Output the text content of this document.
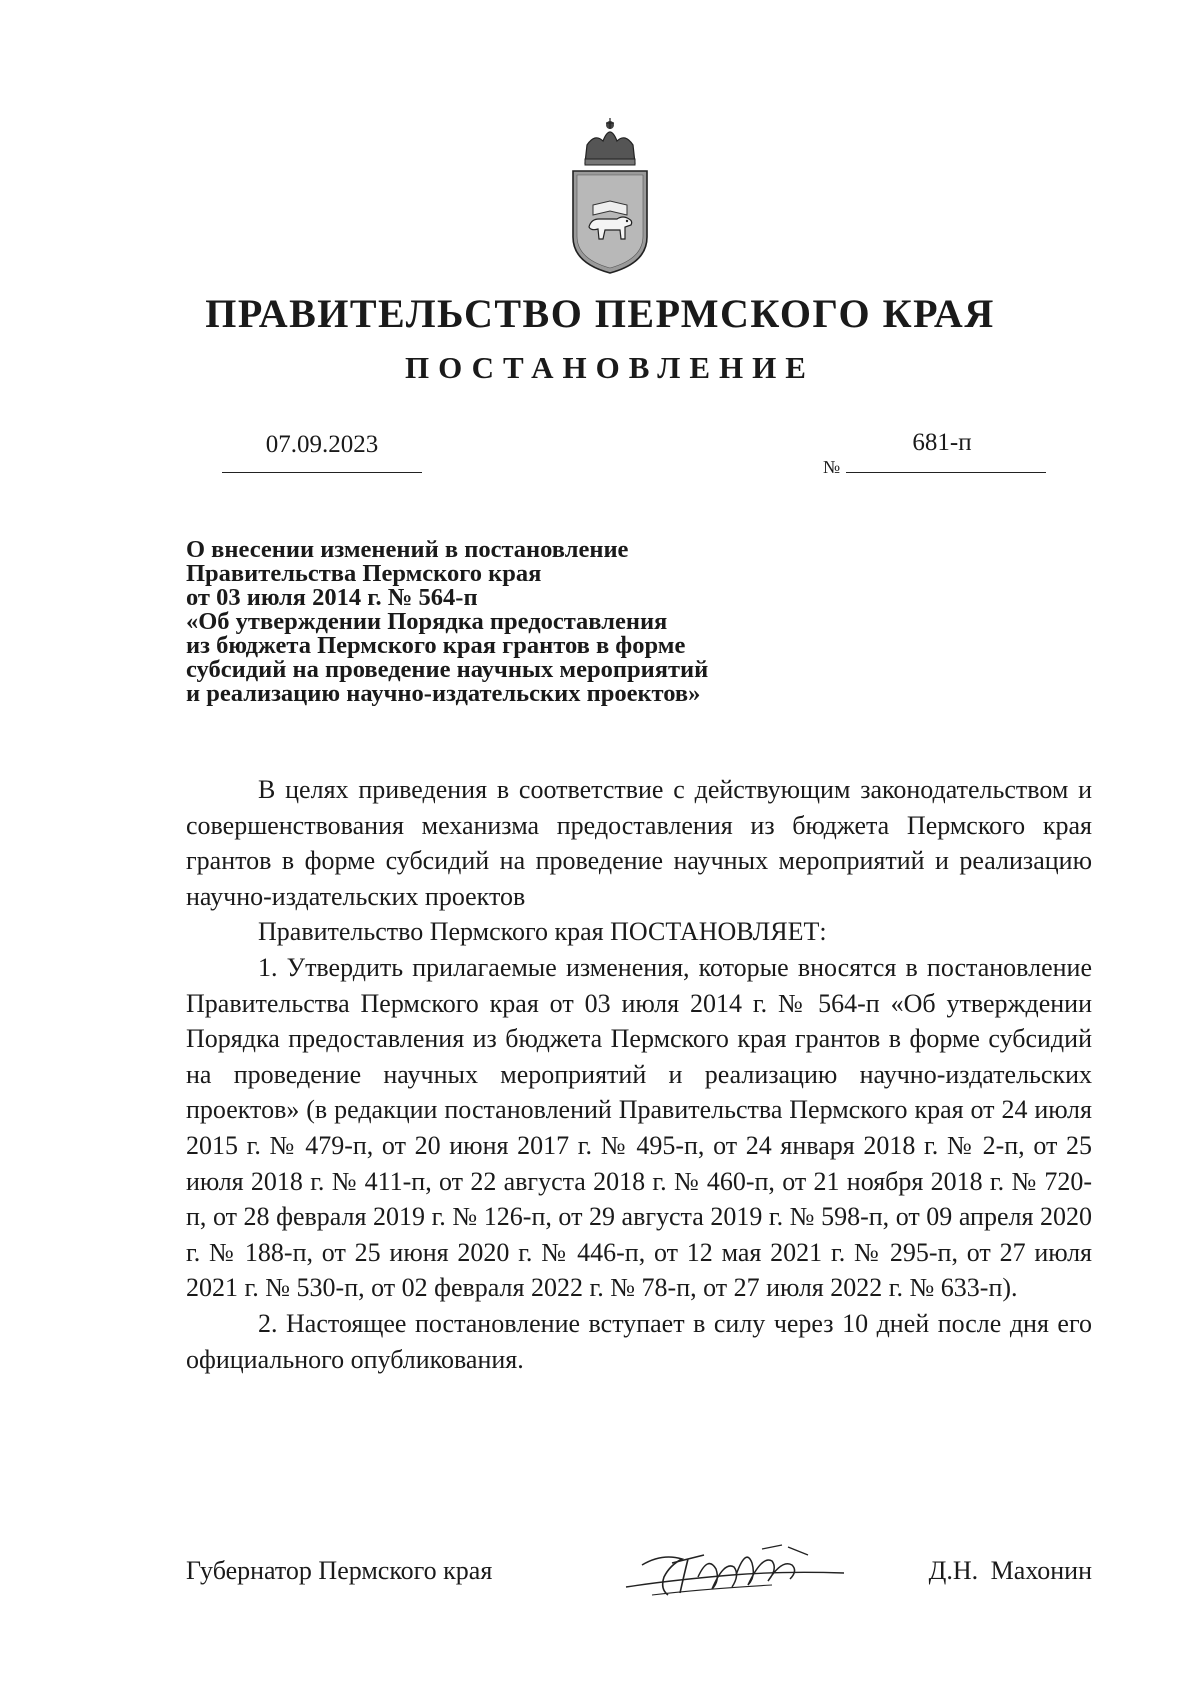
ПРАВИТЕЛЬСТВО ПЕРМСКОГО КРАЯ
ПОСТАНОВЛЕНИЕ
07.09.2023
№
681-п
О внесении изменений в постановление
Правительства Пермского края
от 03 июля 2014 г. № 564-п
«Об утверждении Порядка предоставления
из бюджета Пермского края грантов в форме
субсидий на проведение научных мероприятий
и реализацию научно-издательских проектов»

В целях приведения в соответствие с действующим законодательством и совершенствования механизма предоставления из бюджета Пермского края грантов в форме субсидий на проведение научных мероприятий и реализацию научно-издательских проектов

Правительство Пермского края ПОСТАНОВЛЯЕТ:

1. Утвердить прилагаемые изменения, которые вносятся в постановление Правительства Пермского края от 03 июля 2014 г. № 564-п «Об утверждении Порядка предоставления из бюджета Пермского края грантов в форме субсидий на проведение научных мероприятий и реализацию научно-издательских проектов» (в редакции постановлений Правительства Пермского края от 24 июля 2015 г. № 479-п, от 20 июня 2017 г. № 495-п, от 24 января 2018 г. № 2-п, от 25 июля 2018 г. № 411-п, от 22 августа 2018 г. № 460-п, от 21 ноября 2018 г. № 720-п, от 28 февраля 2019 г. № 126-п, от 29 августа 2019 г. № 598-п, от 09 апреля 2020 г. № 188-п, от 25 июня 2020 г. № 446-п, от 12 мая 2021 г. № 295-п, от 27 июля 2021 г. № 530-п, от 02 февраля 2022 г. № 78-п, от 27 июля 2022 г. № 633-п).

2. Настоящее постановление вступает в силу через 10 дней после дня его официального опубликования.

Губернатор Пермского края	Д.Н. Махонин
